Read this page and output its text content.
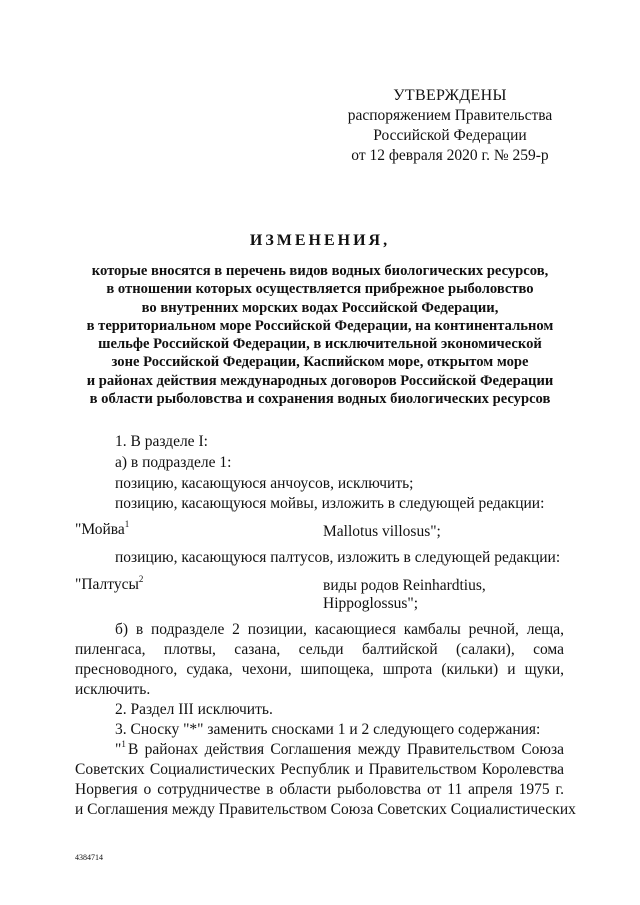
УТВЕРЖДЕНЫ
распоряжением Правительства
Российской Федерации
от 12 февраля 2020 г. № 259-р
ИЗМЕНЕНИЯ,
которые вносятся в перечень видов водных биологических ресурсов,
в отношении которых осуществляется прибрежное рыболовство
во внутренних морских водах Российской Федерации,
в территориальном море Российской Федерации, на континентальном
шельфе Российской Федерации, в исключительной экономической
зоне Российской Федерации, Каспийском море, открытом море
и районах действия международных договоров Российской Федерации
в области рыболовства и сохранения водных биологических ресурсов
1. В разделе I:
а) в подразделе 1:
позицию, касающуюся анчоусов, исключить;
позицию, касающуюся мойвы, изложить в следующей редакции:
"Мойва$^1$	Mallotus villosus";
позицию, касающуюся палтусов, изложить в следующей редакции:
"Палтусы$^2$	виды родов Reinhardtius,
Hippoglossus";
б) в подразделе 2 позиции, касающиеся камбалы речной, леща,
пиленгаса, плотвы, сазана, сельди балтийской (салаки), сома
пресноводного, судака, чехони, шипощека, шпрота (кильки) и щуки,
исключить.
2. Раздел III исключить.
3. Сноску "*" заменить сносками 1 и 2 следующего содержания:
"$^1$ В районах действия Соглашения между Правительством Союза
Советских Социалистических Республик и Правительством Королевства
Норвегия о сотрудничестве в области рыболовства от 11 апреля 1975 г.
и Соглашения между Правительством Союза Советских Социалистических
4384714
